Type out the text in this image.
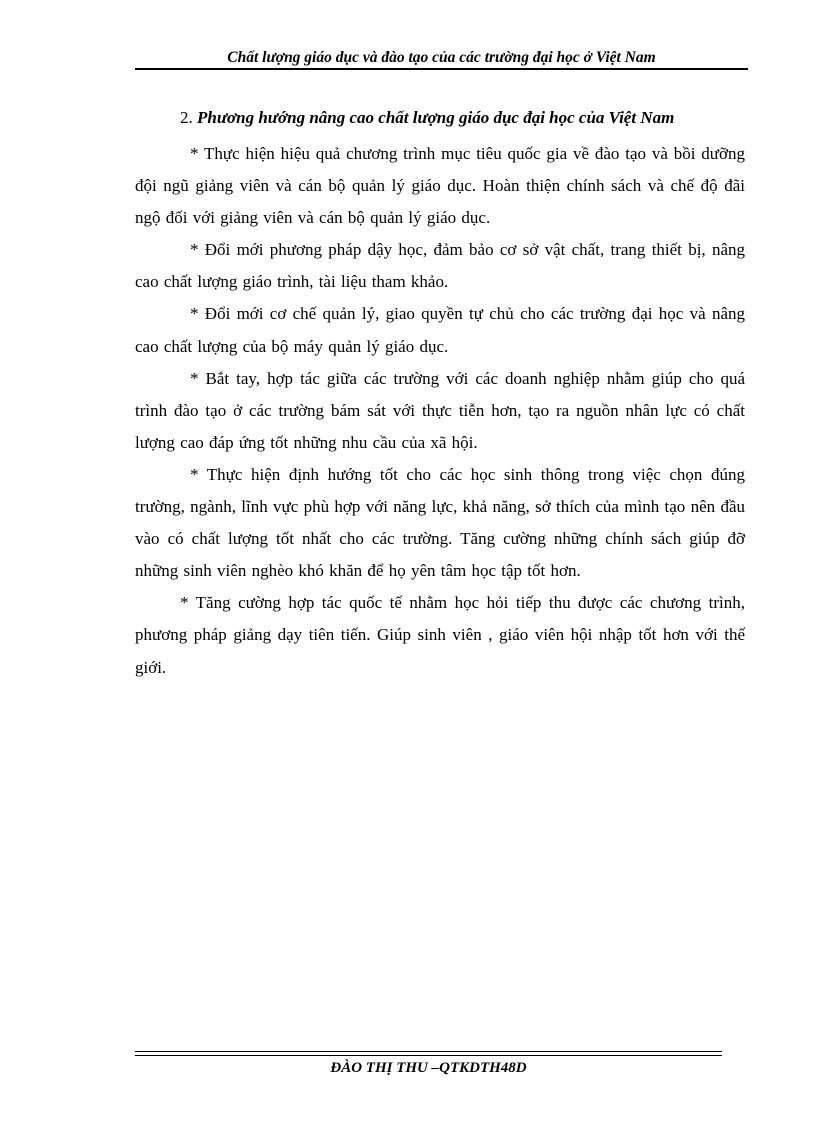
Chất lượng giáo dục và đào tạo của các trường đại học ở Việt Nam
2. Phương hướng nâng cao chất lượng giáo dục đại học của Việt Nam

* Thực hiện hiệu quả chương trình mục tiêu quốc gia về đào tạo và bồi dưỡng đội ngũ giảng viên và cán bộ quản lý giáo dục. Hoàn thiện chính sách và chế độ đãi ngộ đối với giảng viên và cán bộ quản lý giáo dục.

* Đổi mới phương pháp dậy học, đảm bảo cơ sở vật chất, trang thiết bị, nâng cao chất lượng giáo trình, tài liệu tham khảo.

* Đổi mới cơ chế quản lý, giao quyền tự chủ cho các trường đại học và nâng cao chất lượng của bộ máy quản lý giáo dục.

* Bắt tay, hợp tác giữa các trường với các doanh nghiệp nhằm giúp cho quá trình đào tạo ở các trường bám sát với thực tiễn hơn, tạo ra nguồn nhân lực có chất lượng cao đáp ứng tốt những nhu cầu của xã hội.

* Thực hiện định hướng tốt cho các học sinh thông trong việc chọn đúng trường, ngành, lĩnh vực phù hợp với năng lực, khả năng, sở thích của mình tạo nên đầu vào có chất lượng tốt nhất cho các trường. Tăng cường những chính sách giúp đỡ những sinh viên nghèo khó khăn để họ yên tâm học tập tốt hơn.

* Tăng cường hợp tác quốc tế nhằm học hỏi tiếp thu được các chương trình, phương pháp giảng dạy tiên tiến. Giúp sinh viên , giáo viên hội nhập tốt hơn với thế giới.

ĐÀO THỊ THU –QTKDTH48D
